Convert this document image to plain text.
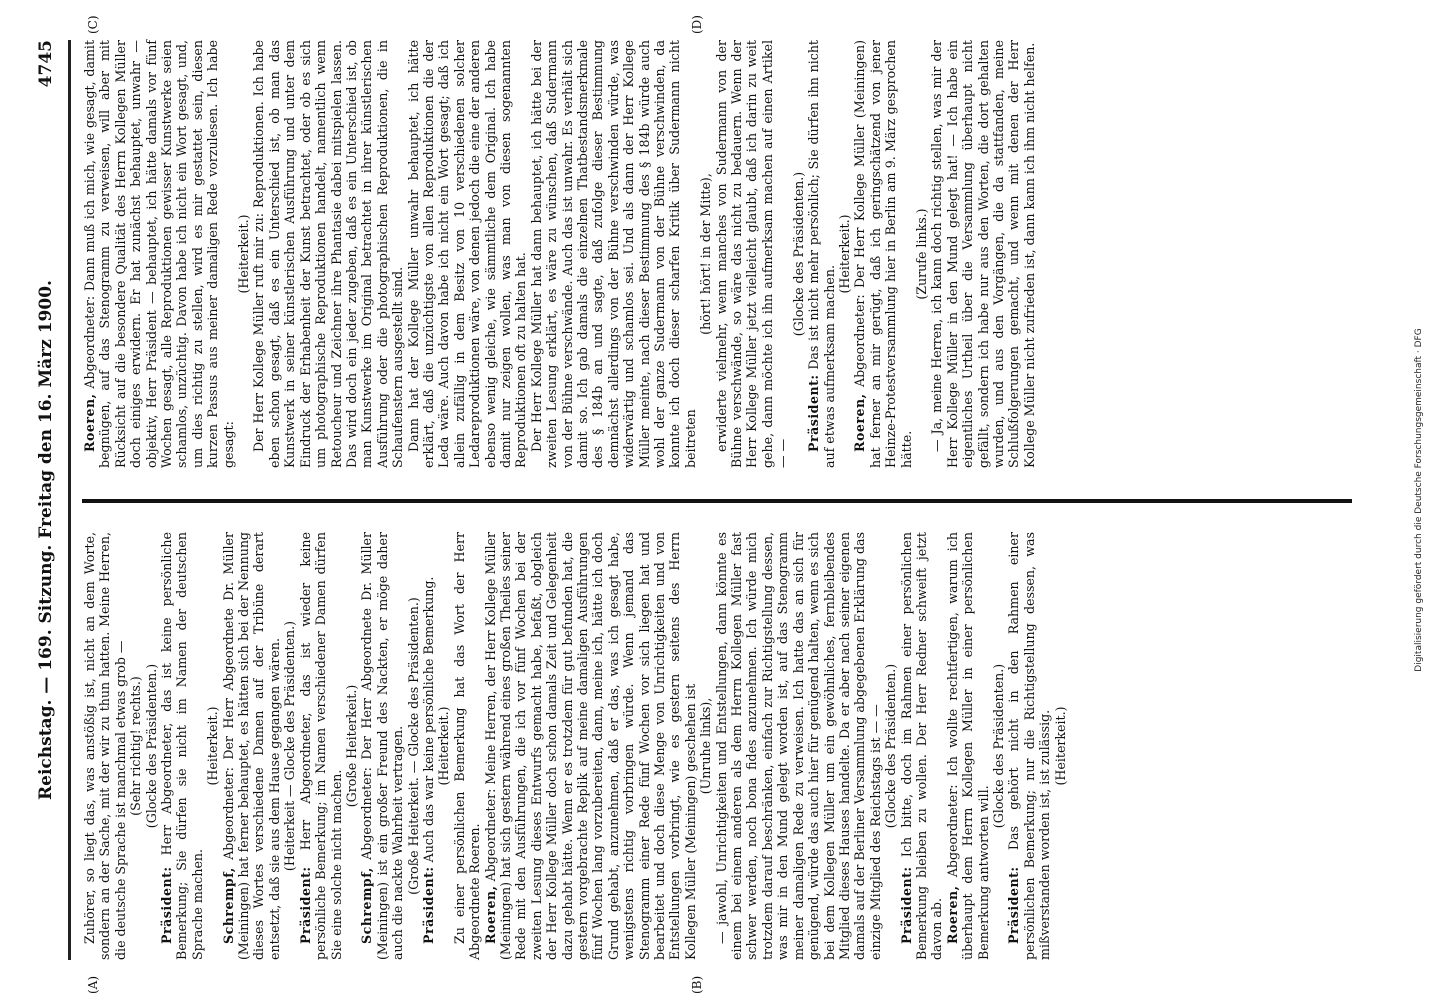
Reichstag. — 169. Sitzung. Freitag den 16. März 1900.
4745
(A)	(B)
(C)	(D)

Zuhörer, so liegt das, was anstößig ist, nicht an dem Worte, sondern an der Sache, mit der wir zu thun hatten. Meine Herren, die deutsche Sprache ist manchmal etwas grob — (Sehr richtig! rechts.) (Glocke des Präsidenten.)

Präsident: Herr Abgeordneter, das ist keine persönliche Bemerkung; Sie dürfen sie nicht im Namen der deutschen Sprache machen.

(Heiterkeit.)

Schrempf, Abgeordneter: Der Herr Abgeordnete Dr. Müller (Meiningen) hat ferner behauptet, es hätten sich bei der Nennung dieses Wortes verschiedene Damen auf der Tribüne derart entsetzt, daß sie aus dem Hause gegangen wären. (Heiterkeit — Glocke des Präsidenten.)

Präsident: Herr Abgeordneter, das ist wieder keine persönliche Bemerkung; im Namen verschiedener Damen dürfen Sie eine solche nicht machen.

(Große Heiterkeit.)

Schrempf, Abgeordneter: Der Herr Abgeordnete Dr. Müller (Meiningen) ist ein großer Freund des Nackten, er möge daher auch die nackte Wahrheit vertragen. (Große Heiterkeit. — Glocke des Präsidenten.)

Präsident: Auch das war keine persönliche Bemerkung. (Heiterkeit.) Zu einer persönlichen Bemerkung hat das Wort der Herr Abgeordnete Roeren. Roeren, Abgeordneter: Meine Herren, der Herr Kollege Müller (Meiningen) hat sich gestern während eines großen Theiles seiner Rede mit den Ausführungen, die ich vor fünf Wochen bei der zweiten Lesung dieses Entwurfs gemacht habe, befaßt, obgleich der Herr Kollege Müller doch schon damals Zeit und Gelegenheit dazu gehabt hätte. Wenn er es trotzdem für gut befunden hat, die gestern vorgebrachte Replik auf meine damaligen Ausführungen fünf Wochen lang vorzubereiten, dann, meine ich, hätte ich doch Grund gehabt, anzunehmen, daß er das, was ich gesagt habe, wenigstens richtig vorbringen würde. Wenn jemand das Stenogramm einer Rede fünf Wochen vor sich liegen hat und bearbeitet und doch diese Menge von Unrichtigkeiten und von Entstellungen vorbringt, wie es gestern seitens des Herrn Kollegen Müller (Meiningen) geschehen ist (Unruhe links), — jawohl, Unrichtigkeiten und Entstellungen, dann könnte es einem bei einem anderen als dem Herrn Kollegen Müller fast schwer werden, noch bona fides anzunehmen. Ich würde mich trotzdem darauf beschränken, einfach zur Richtigstellung dessen, was mir in den Mund gelegt worden ist, auf das Stenogramm meiner damaligen Rede zu verweisen. Ich hatte das an sich für genügend, würde das auch hier für genügend halten, wenn es sich bei dem Kollegen Müller um ein gewöhnliches, fernbleibendes Mitglied dieses Hauses handelte. Da er aber nach seiner eigenen damals auf der Berliner Versammlung abgegebenen Erklärung das einzige Mitglied des Reichstags ist — — (Glocke des Präsidenten.)

Präsident: Ich bitte, doch im Rahmen einer persönlichen Bemerkung bleiben zu wollen. Der Herr Redner schweift jetzt davon ab. Roeren, Abgeordneter: Ich wollte rechtfertigen, warum ich überhaupt dem Herrn Kollegen Müller in einer persönlichen Bemerkung antworten will.

(Glocke des Präsidenten.)

Präsident: Das gehört nicht in den Rahmen einer persönlichen Bemerkung; nur die Richtigstellung dessen, was mißverstanden worden ist, ist zulässig. (Heiterkeit.)

Roeren, Abgeordneter: Dann muß ich mich, wie gesagt, damit begnügen, auf das Stenogramm zu verweisen, will aber mit Rücksicht auf die besondere Qualität des Herrn Kollegen Müller doch einiges erwidern. Er hat zunächst behauptet, unwahr — objektiv, Herr Präsident — behauptet, ich hätte damals vor fünf Wochen gesagt, alle Reproduktionen gewisser Kunstwerke seien schamlos, unzüchtig. Davon habe ich nicht ein Wort gesagt, und, um dies richtig zu stellen, wird es mir gestattet sein, diesen kurzen Passus aus meiner damaligen Rede vorzulesen. Ich habe gesagt:

(Heiterkeit.) Der Herr Kollege Müller ruft mir zu: Reproduktionen. Ich habe eben schon gesagt, daß es ein Unterschied ist, ob man das Kunstwerk in seiner künstlerischen Ausführung und unter dem Eindruck der Erhabenheit der Kunst betrachtet, oder ob es sich um photographische Reproduktionen handelt, namentlich wenn Retoucheur und Zeichner ihre Phantasie dabei mitspielen lassen. Das wird doch ein jeder zugeben, daß es ein Unterschied ist, ob man Kunstwerke im Original betrachtet in ihrer künstlerischen Ausführung oder die photographischen Reproduktionen, die in Schaufenstern ausgestellt sind. Dann hat der Kollege Müller unwahr behauptet, ich hätte erklärt, daß die unzüchtigste von allen Reproduktionen die der Leda wäre. Auch davon habe ich nicht ein Wort gesagt; daß ich allein zufällig in dem Besitz von 10 verschiedenen solcher Ledareproduktionen wäre, von denen jedoch die eine der anderen ebenso wenig gleiche, wie sämmtliche dem Original. Ich habe damit nur zeigen wollen, was man von diesen sogenannten Reproduktionen oft zu halten hat. Der Herr Kollege Müller hat dann behauptet, ich hätte bei der zweiten Lesung erklärt, es wäre zu wünschen, daß Sudermann von der Bühne verschwände. Auch das ist unwahr. Es verhält sich damit so. Ich gab damals die einzelnen Thatbestandsmerkmale des § 184b an und sagte, daß zufolge dieser Bestimmung demnächst allerdings von der Bühne verschwinden würde, was widerwärtig und schamlos sei. Und als dann der Herr Kollege Müller meinte, nach dieser Bestimmung des § 184b würde auch wohl der ganze Sudermann von der Bühne verschwinden, da konnte ich doch dieser scharfen Kritik über Sudermann nicht beitreten

(hört! hört! in der Mitte), erwiderte vielmehr, wenn manches von Sudermann von der Bühne verschwände, so wäre das nicht zu bedauern. Wenn der Herr Kollege Müller jetzt vielleicht glaubt, daß ich darin zu weit gehe, dann möchte ich ihn aufmerksam machen auf einen Artikel — —

(Glocke des Präsidenten.)

Präsident: Das ist nicht mehr persönlich; Sie dürfen ihn nicht auf etwas aufmerksam machen.

(Heiterkeit.)

Roeren, Abgeordneter: Der Herr Kollege Müller (Meiningen) hat ferner an mir gerügt, daß ich geringschätzend von jener Heinze-Protestversammlung hier in Berlin am 9. März gesprochen hätte.

(Zurufe links.) — Ja, meine Herren, ich kann doch richtig stellen, was mir der Herr Kollege Müller in den Mund gelegt hat! — Ich habe ein eigentliches Urtheil über die Versammlung überhaupt nicht gefällt, sondern ich habe nur aus den Worten, die dort gehalten wurden, und aus den Vorgängen, die da stattfanden, meine Schlußfolgerungen gemacht, und wenn mit denen der Herr Kollege Müller nicht zufrieden ist, dann kann ich ihm nicht helfen.

Digitalisierung gefördert durch die Deutsche Forschungsgemeinschaft · DFG
